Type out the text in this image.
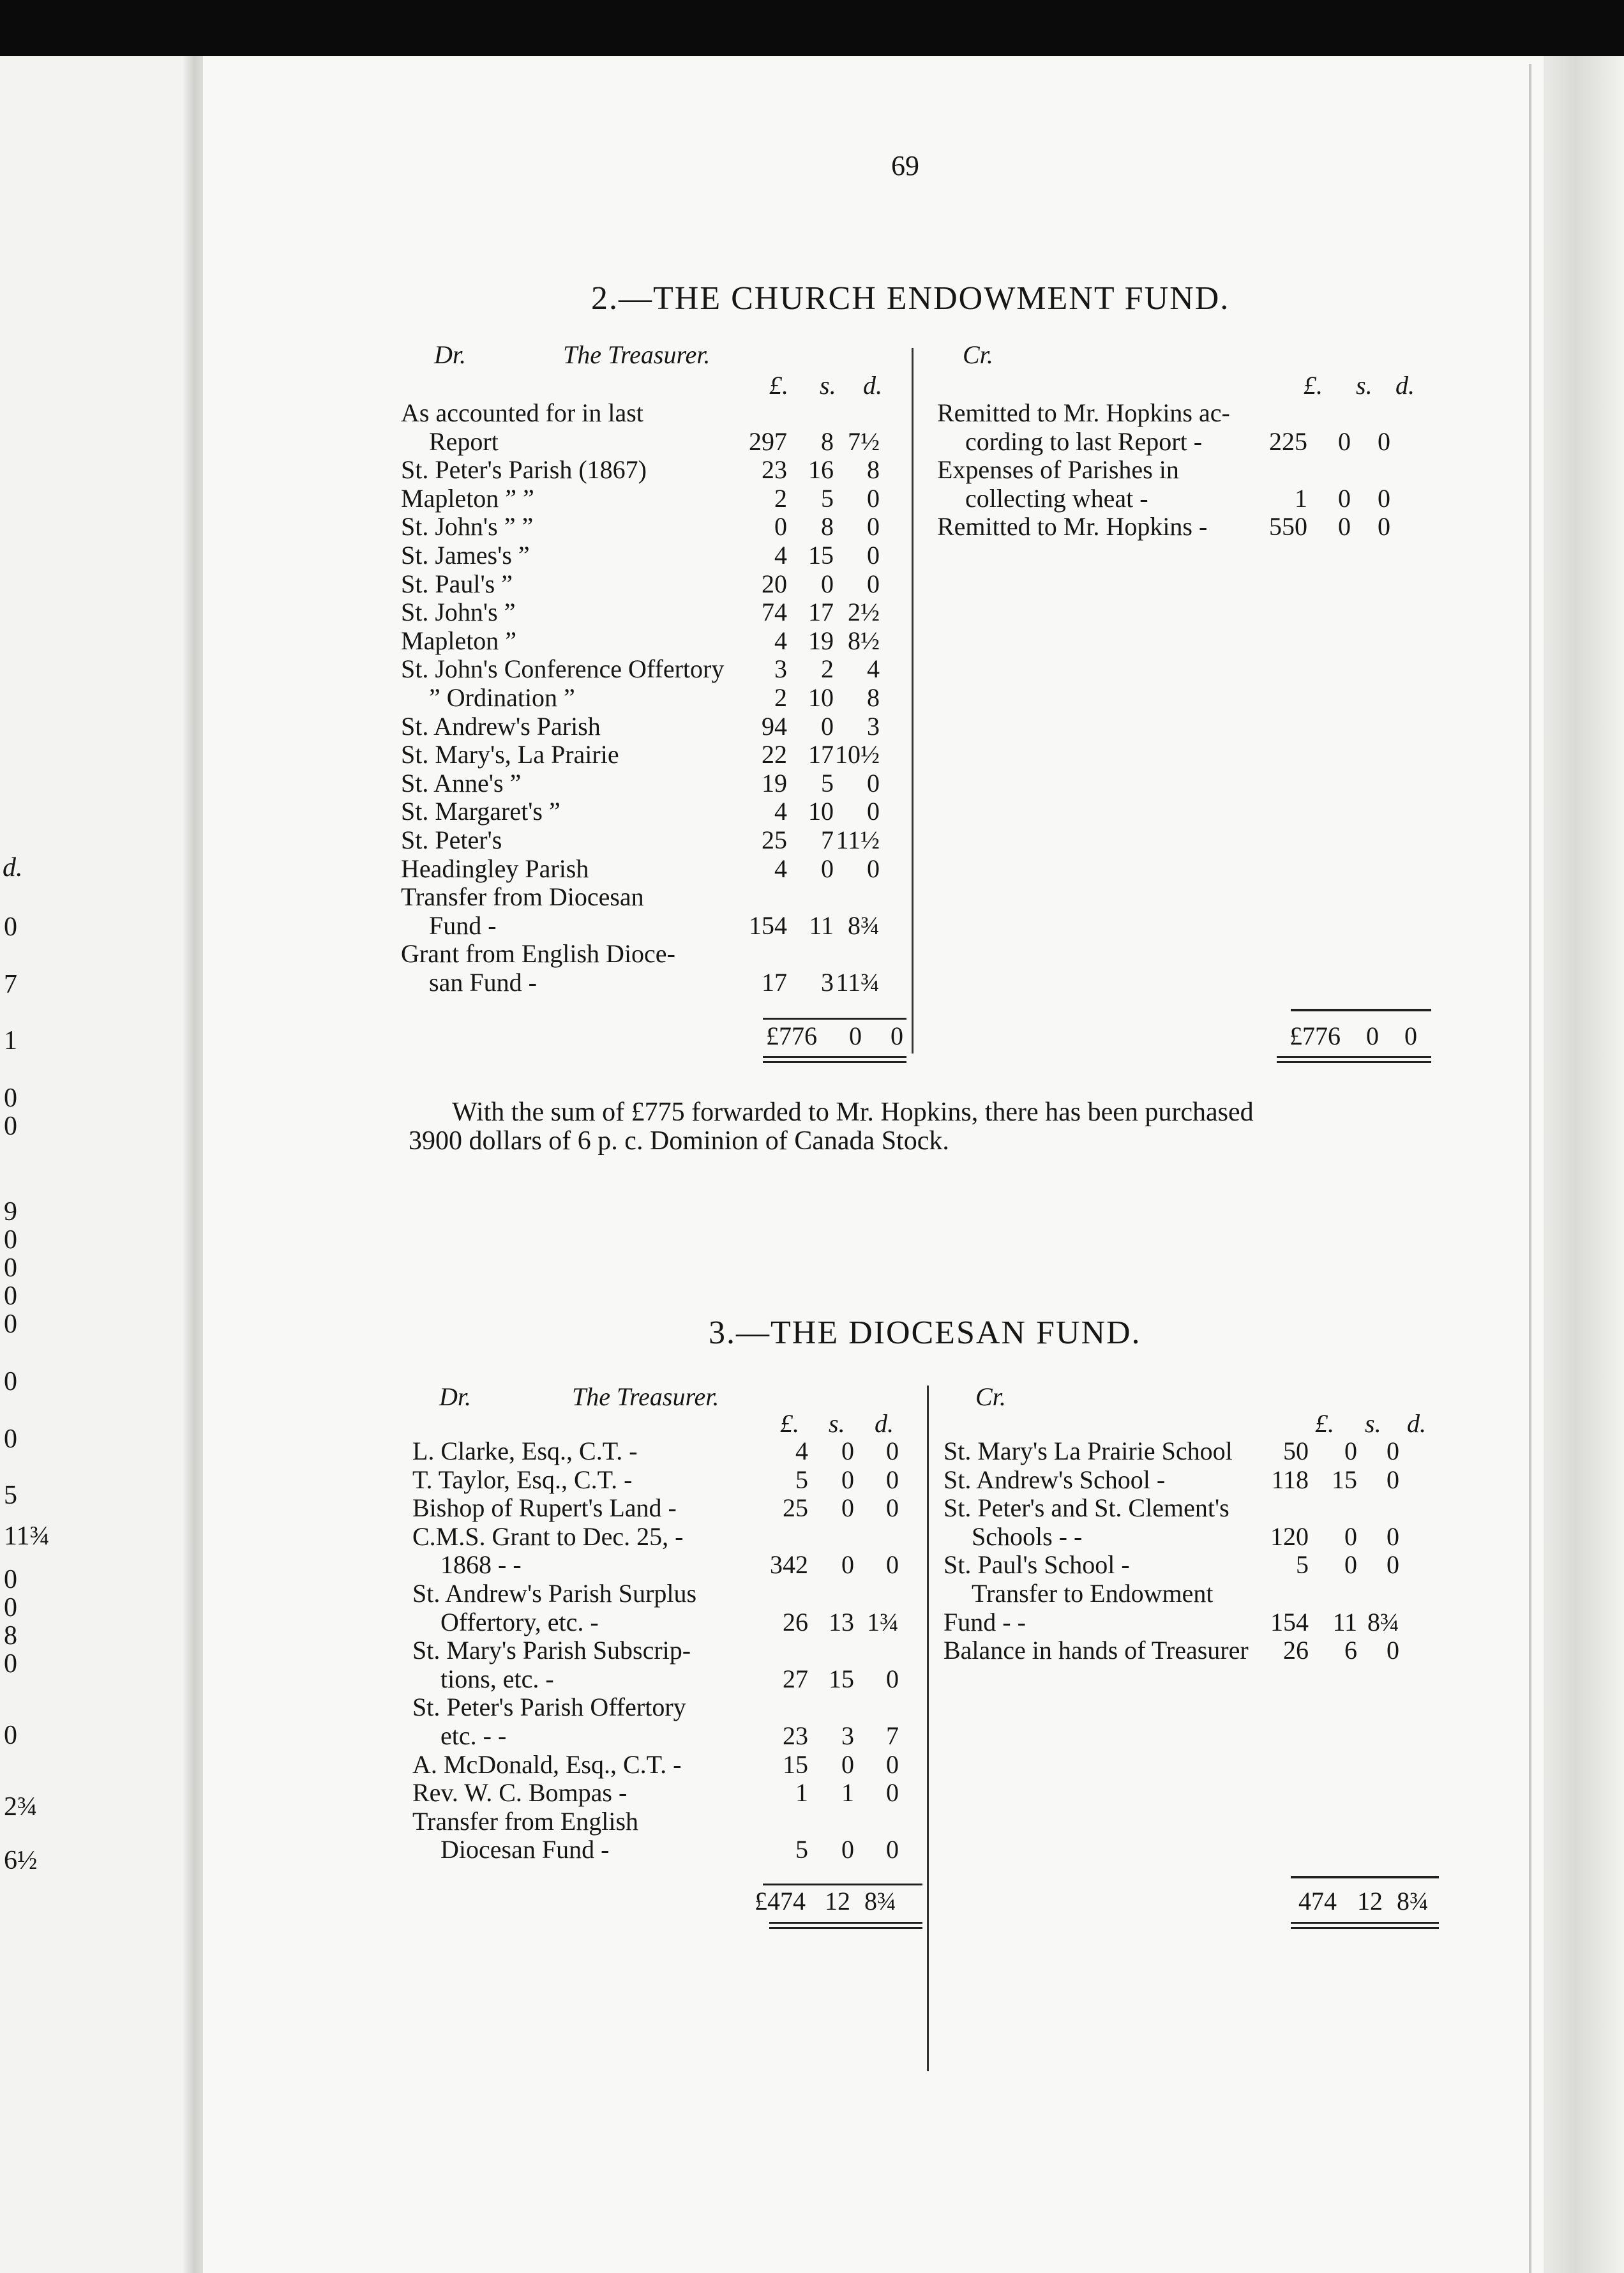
d.
0
7
1
0
0
9
0
0
0
0
0
0
5
11¾
0
0
8
0
0
2¾
6½
69
2.—THE CHURCH ENDOWMENT FUND.
Dr.	The Treasurer.	Cr.
£. s. d.	£. s. d.
As accounted for in last
Report	297	8 7½
St. Peter's Parish (1867)	23 16	8
Mapleton ” ”	2	5	0
St. John's ” ”	0	8	0
St. James's ”	4 15	0
St. Paul's ”	20	0	0
St. John's ”	74 17 2½
Mapleton ”	4 19 8½
St. John's Conference Offertory	3	2	4
” Ordination ”	2 10	8
St. Andrew's Parish	94	0	3
St. Mary's, La Prairie	22 17 10½
St. Anne's ”	19	5	0
St. Margaret's ”	4 10	0
St. Peter's	25	7 11½
Headingley Parish	4	0	0
Transfer from Diocesan
Fund -	154 11 8¾
Grant from English Dioce-
san Fund -	17	3 11¾
Remitted to Mr. Hopkins ac-
cording to last Report -	225	0	0
Expenses of Parishes in
collecting wheat -	1	0	0
Remitted to Mr. Hopkins -	550	0	0
£776	0	0	£776	0	0
With the sum of £775 forwarded to Mr. Hopkins, there has been purchased
3900 dollars of 6 p. c. Dominion of Canada Stock.
3.—THE DIOCESAN FUND.
Dr.	The Treasurer.	Cr.
£. s. d.	£. s. d.
L. Clarke, Esq., C.T. -	4	0	0
T. Taylor, Esq., C.T. -	5	0	0
Bishop of Rupert's Land -	25	0	0
C.M.S. Grant to Dec. 25, -
1868 - -	342	0	0
St. Andrew's Parish Surplus
Offertory, etc. -	26 13 1¾
St. Mary's Parish Subscrip-
tions, etc. -	27 15	0
St. Peter's Parish Offertory
etc. - -	23	3	7
A. McDonald, Esq., C.T. -	15	0	0
Rev. W. C. Bompas -	1	1	0
Transfer from English
Diocesan Fund -	5	0	0
St. Mary's La Prairie School	50	0	0
St. Andrew's School -	118 15	0
St. Peter's and St. Clement's
Schools - -	120	0	0
St. Paul's School -	5	0	0
Transfer to Endowment
Fund - -	154 11 8¾
Balance in hands of Treasurer	26	6	0
£474 12 8¾	474 12 8¾
